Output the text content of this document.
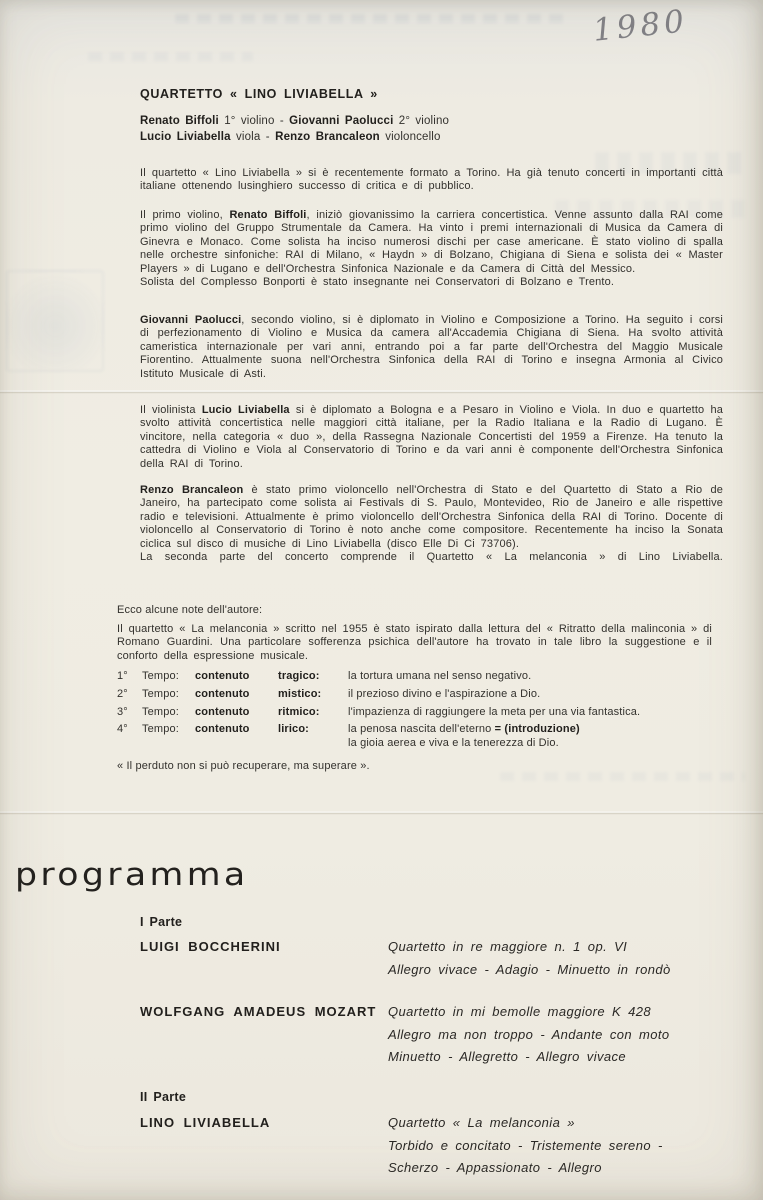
1980
QUARTETTO « LINO LIVIABELLA »
Renato Biffoli 1° violino - Giovanni Paolucci 2° violino
Lucio Liviabella viola - Renzo Brancaleon violoncello
Il quartetto « Lino Liviabella » si è recentemente formato a Torino. Ha già tenuto concerti in importanti città italiane ottenendo lusinghiero successo di critica e di pubblico.
Il primo violino, Renato Biffoli, iniziò giovanissimo la carriera concertistica. Venne assunto dalla RAI come primo violino del Gruppo Strumentale da Camera. Ha vinto i premi internazionali di Musica da Camera di Ginevra e Monaco. Come solista ha inciso numerosi dischi per case americane. È stato violino di spalla nelle orchestre sinfoniche: RAI di Milano, « Haydn » di Bolzano, Chigiana di Siena e solista dei « Master Players » di Lugano e dell'Orchestra Sinfonica Nazionale e da Camera di Città del Messico.
Solista del Complesso Bonporti è stato insegnante nei Conservatori di Bolzano e Trento.
Giovanni Paolucci, secondo violino, si è diplomato in Violino e Composizione a Torino. Ha seguito i corsi di perfezionamento di Violino e Musica da camera all'Accademia Chigiana di Siena. Ha svolto attività cameristica internazionale per vari anni, entrando poi a far parte dell'Orchestra del Maggio Musicale Fiorentino. Attualmente suona nell'Orchestra Sinfonica della RAI di Torino e insegna Armonia al Civico Istituto Musicale di Asti.
Il violinista Lucio Liviabella si è diplomato a Bologna e a Pesaro in Violino e Viola. In duo e quartetto ha svolto attività concertistica nelle maggiori città italiane, per la Radio Italiana e la Radio di Lugano. È vincitore, nella categoria « duo », della Rassegna Nazionale Concertisti del 1959 a Firenze. Ha tenuto la cattedra di Violino e Viola al Conservatorio di Torino e da vari anni è componente dell'Orchestra Sinfonica della RAI di Torino.
Renzo Brancaleon è stato primo violoncello nell'Orchestra di Stato e del Quartetto di Stato a Rio de Janeiro, ha partecipato come solista ai Festivals di S. Paulo, Montevideo, Rio de Janeiro e alle rispettive radio e televisioni. Attualmente è primo violoncello dell'Orchestra Sinfonica della RAI di Torino. Docente di violoncello al Conservatorio di Torino è noto anche come compositore. Recentemente ha inciso la Sonata ciclica sul disco di musiche di Lino Liviabella (disco Elle Di Ci 73706).
La seconda parte del concerto comprende il Quartetto « La melanconia » di Lino Liviabella.
Ecco alcune note dell'autore:
Il quartetto « La melanconia » scritto nel 1955 è stato ispirato dalla lettura del « Ritratto della malinconia » di Romano Guardini. Una particolare sofferenza psichica dell'autore ha trovato in tale libro la suggestione e il conforto della espressione musicale.
1°	Tempo:	contenuto	tragico:	la tortura umana nel senso negativo.
2°	Tempo:	contenuto	mistico:	il prezioso divino e l'aspirazione a Dio.
3°	Tempo:	contenuto	ritmico:	l'impazienza di raggiungere la meta per una via fantastica.
4°	Tempo:	contenuto	lirico:	la penosa nascita dell'eterno = (introduzione)
la gioia aerea e viva e la tenerezza di Dio.
« Il perduto non si può recuperare, ma superare ».
programma
I Parte
LUIGI BOCCHERINI	Quartetto in re maggiore n. 1 op. VI
Allegro vivace - Adagio - Minuetto in rondò
WOLFGANG AMADEUS MOZART Quartetto in mi bemolle maggiore K 428
Allegro ma non troppo - Andante con moto
Minuetto - Allegretto - Allegro vivace
II Parte
LINO LIVIABELLA	Quartetto « La melanconia »
Torbido e concitato - Tristemente sereno -
Scherzo - Appassionato - Allegro
